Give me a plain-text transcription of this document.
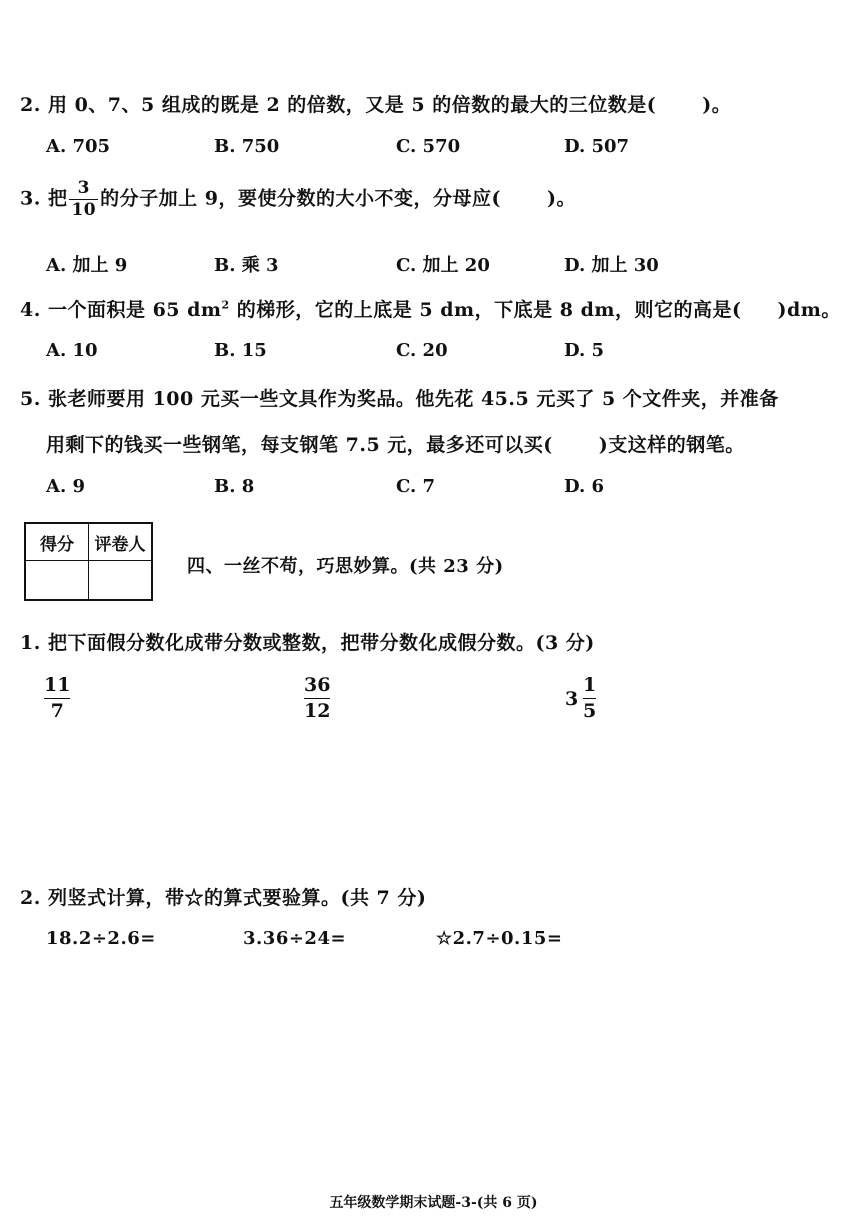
2. 用 0、7、5 组成的既是 2 的倍数，又是 5 的倍数的最大的三位数是( )。
A. 705	B. 750	C. 570	D. 507
3. 把 $\frac{3}{10}$ 的分子加上 9，要使分数的大小不变，分母应( )。
A. 加上 9	B. 乘 3	C. 加上 20	D. 加上 30
4. 一个面积是 65 $dm^2$ 的梯形，它的上底是 5 dm，下底是 8 dm，则它的高是( )dm。
A. 10	B. 15	C. 20	D. 5
5. 张老师要用 100 元买一些文具作为奖品。他先花 45.5 元买了 5 个文件夹，并准备
用剩下的钱买一些钢笔，每支钢笔 7.5 元，最多还可以买( )支这样的钢笔。
A. 9	B. 8	C. 7	D. 6
得分	评卷人

四、一丝不苟，巧思妙算。(共 23 分)
1. 把下面假分数化成带分数或整数，把带分数化成假分数。(3 分)
$\frac{11}{7}$	$\frac{36}{12}$	$3 \frac{1}{5}$
2. 列竖式计算，带☆的算式要验算。(共 7 分)
18.2÷2.6=	3.36÷24=	☆2.7÷0.15=
五年级数学期末试题-3-(共 6 页)
